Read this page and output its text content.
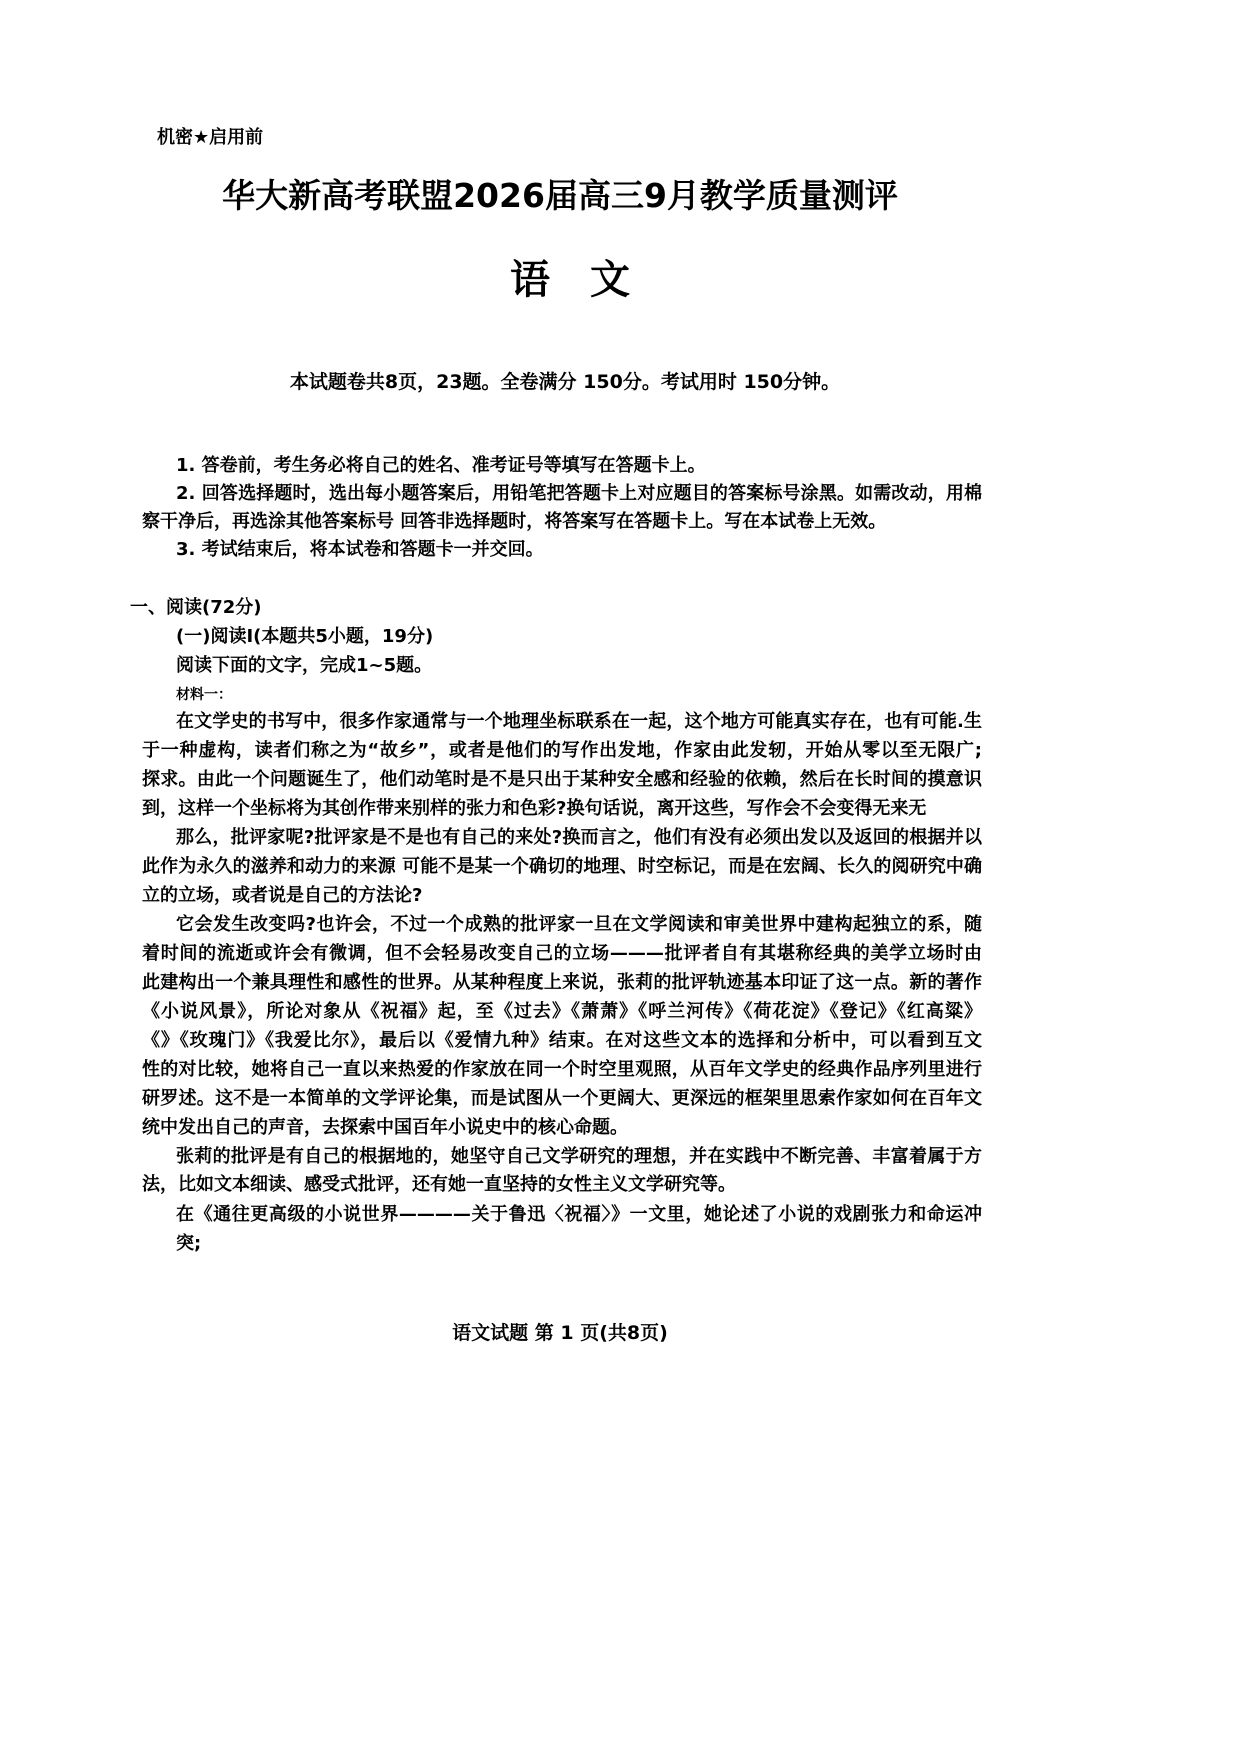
机密★启用前
华大新高考联盟2026届高三9月教学质量测评
语　文
本试题卷共8页，23题。全卷满分 150分。考试用时 150分钟。
1. 答卷前，考生务必将自己的姓名、准考证号等填写在答题卡上。
2. 回答选择题时，选出每小题答案后，用铅笔把答题卡上对应题目的答案标号涂黑。如需改动，用棉
察干净后，再选涂其他答案标号 回答非选择题时，将答案写在答题卡上。写在本试卷上无效。
3. 考试结束后，将本试卷和答题卡一并交回。
一、阅读(72分)
(一)阅读Ⅰ(本题共5小题，19分)
阅读下面的文字，完成1~5题。
材料一：
在文学史的书写中，很多作家通常与一个地理坐标联系在一起，这个地方可能真实存在，也有可能.生
于一种虚构，读者们称之为“故乡”，或者是他们的写作出发地，作家由此发轫，开始从零以至无限广;
探求。由此一个问题诞生了，他们动笔时是不是只出于某种安全感和经验的依赖，然后在长时间的摸意识
到，这样一个坐标将为其创作带来别样的张力和色彩?换句话说，离开这些，写作会不会变得无来无
那么，批评家呢?批评家是不是也有自己的来处?换而言之，他们有没有必须出发以及返回的根据并以
此作为永久的滋养和动力的来源 可能不是某一个确切的地理、时空标记，而是在宏阔、长久的阅研究中确
立的立场，或者说是自己的方法论?
它会发生改变吗?也许会，不过一个成熟的批评家一旦在文学阅读和审美世界中建构起独立的系，随
着时间的流逝或许会有微调，但不会轻易改变自己的立场———批评者自有其堪称经典的美学立场时由
此建构出一个兼具理性和感性的世界。从某种程度上来说，张莉的批评轨迹基本印证了这一点。新的著作
《小说风景》，所论对象从《祝福》起，至《过去》《萧萧》《呼兰河传》《荷花淀》《登记》《红高粱》
《》《玫瑰门》《我爱比尔》，最后以《爱情九种》结束。在对这些文本的选择和分析中，可以看到互文
性的对比较，她将自己一直以来热爱的作家放在同一个时空里观照，从百年文学史的经典作品序列里进行
研罗述。这不是一本简单的文学评论集，而是试图从一个更阔大、更深远的框架里思索作家如何在百年文
统中发出自己的声音，去探索中国百年小说史中的核心命题。
张莉的批评是有自己的根据地的，她坚守自己文学研究的理想，并在实践中不断完善、丰富着属于方
法，比如文本细读、感受式批评，还有她一直坚持的女性主义文学研究等。
在《通往更高级的小说世界————关于鲁迅〈祝福〉》一文里，她论述了小说的戏剧张力和命运冲
突;
语文试题 第 1 页(共8页)
